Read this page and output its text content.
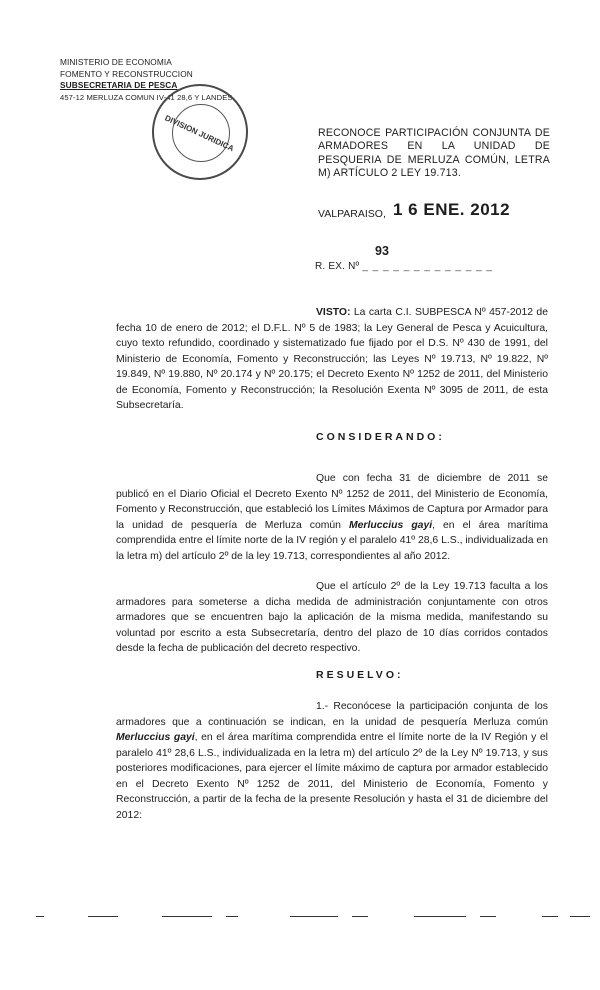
MINISTERIO DE ECONOMIA
FOMENTO Y RECONSTRUCCION
SUBSECRETARIA DE PESCA
457-12 MERLUZA COMUN IV-41 28,6 Y LANDES
DIVISION JURIDICA	RECONOCE PARTICIPACIÓN CONJUNTA DE ARMADORES EN LA UNIDAD DE PESQUERIA DE MERLUZA COMÚN, LETRA M) ARTÍCULO 2 LEY 19.713.
VALPARAISO, 1 6 ENE. 2012
93
R. EX. Nº _ _ _ _ _ _ _ _ _ _ _ _ _
VISTO: La carta C.I. SUBPESCA Nº 457-2012 de fecha 10 de enero de 2012; el D.F.L. Nº 5 de 1983; la Ley General de Pesca y Acuicultura, cuyo texto refundido, coordinado y sistematizado fue fijado por el D.S. Nº 430 de 1991, del Ministerio de Economía, Fomento y Reconstrucción; las Leyes Nº 19.713, Nº 19.822, Nº 19.849, Nº 19.880, Nº 20.174 y Nº 20.175; el Decreto Exento Nº 1252 de 2011, del Ministerio de Economía, Fomento y Reconstrucción; la Resolución Exenta Nº 3095 de 2011, de esta Subsecretaría.
CONSIDERANDO:
Que con fecha 31 de diciembre de 2011 se publicó en el Diario Oficial el Decreto Exento Nº 1252 de 2011, del Ministerio de Economía, Fomento y Reconstrucción, que estableció los Límites Máximos de Captura por Armador para la unidad de pesquería de Merluza común Merluccius gayi, en el área marítima comprendida entre el límite norte de la IV región y el paralelo 41º 28,6 L.S., individualizada en la letra m) del artículo 2º de la ley 19.713, correspondientes al año 2012.
Que el artículo 2º de la Ley 19.713 faculta a los armadores para someterse a dicha medida de administración conjuntamente con otros armadores que se encuentren bajo la aplicación de la misma medida, manifestando su voluntad por escrito a esta Subsecretaría, dentro del plazo de 10 días corridos contados desde la fecha de publicación del decreto respectivo.
RESUELVO:
1.- Reconócese la participación conjunta de los armadores que a continuación se indican, en la unidad de pesquería Merluza común Merluccius gayi, en el área marítima comprendida entre el límite norte de la IV Región y el paralelo 41º 28,6 L.S., individualizada en la letra m) del artículo 2º de la Ley Nº 19.713, y sus posteriores modificaciones, para ejercer el límite máximo de captura por armador establecido en el Decreto Exento Nº 1252 de 2011, del Ministerio de Economía, Fomento y Reconstrucción, a partir de la fecha de la presente Resolución y hasta el 31 de diciembre del 2012:
